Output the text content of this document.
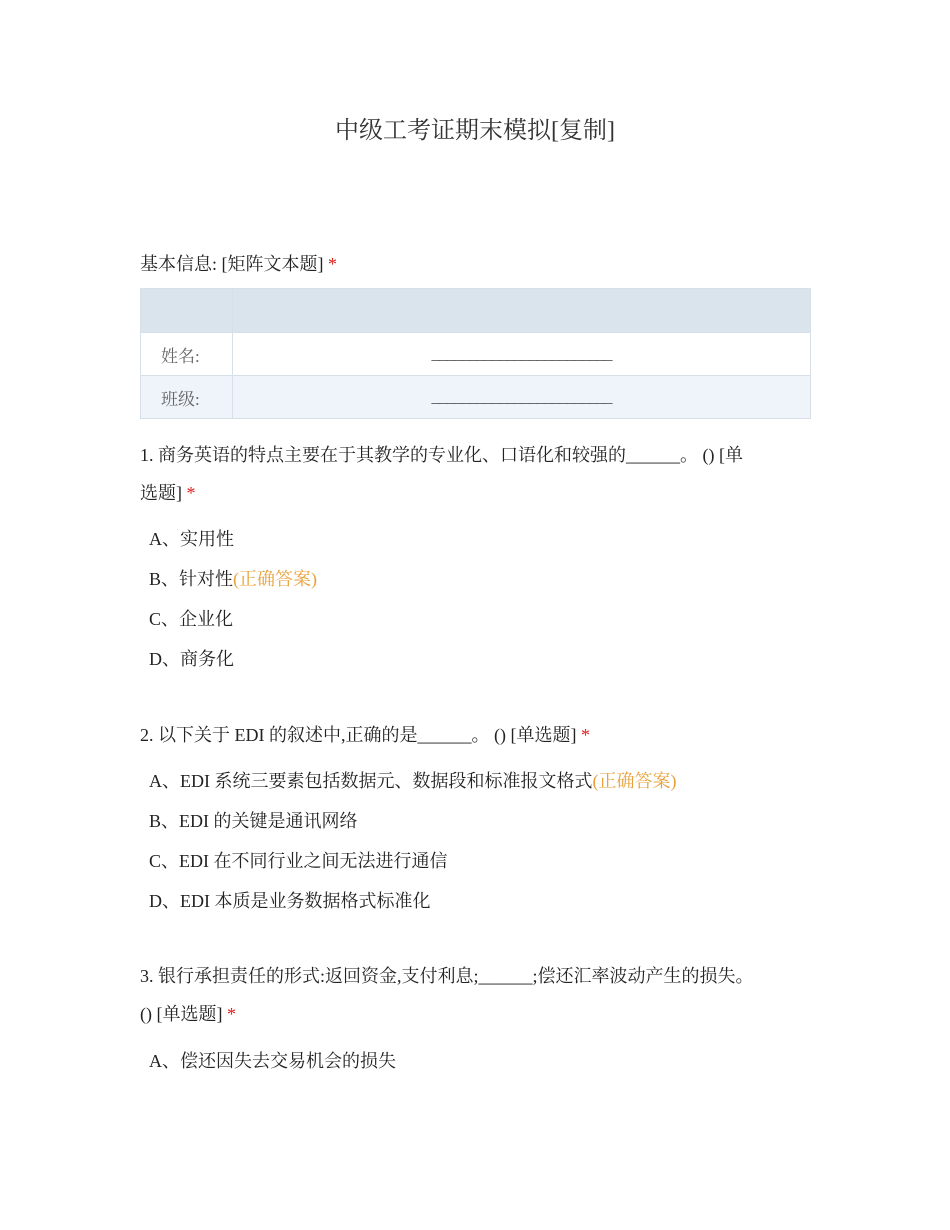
中级工考证期末模拟[复制]
基本信息: [矩阵文本题] *

姓名:	________________________
班级:	________________________
1. 商务英语的特点主要在于其教学的专业化、口语化和较强的______。 () [单
选题] *
A、实用性
B、针对性(正确答案)
C、企业化
D、商务化
2. 以下关于 EDI 的叙述中,正确的是______。 () [单选题] *
A、EDI 系统三要素包括数据元、数据段和标准报文格式(正确答案)
B、EDI 的关键是通讯网络
C、EDI 在不同行业之间无法进行通信
D、EDI 本质是业务数据格式标准化
3. 银行承担责任的形式:返回资金,支付利息;______;偿还汇率波动产生的损失。
() [单选题] *
A、偿还因失去交易机会的损失
